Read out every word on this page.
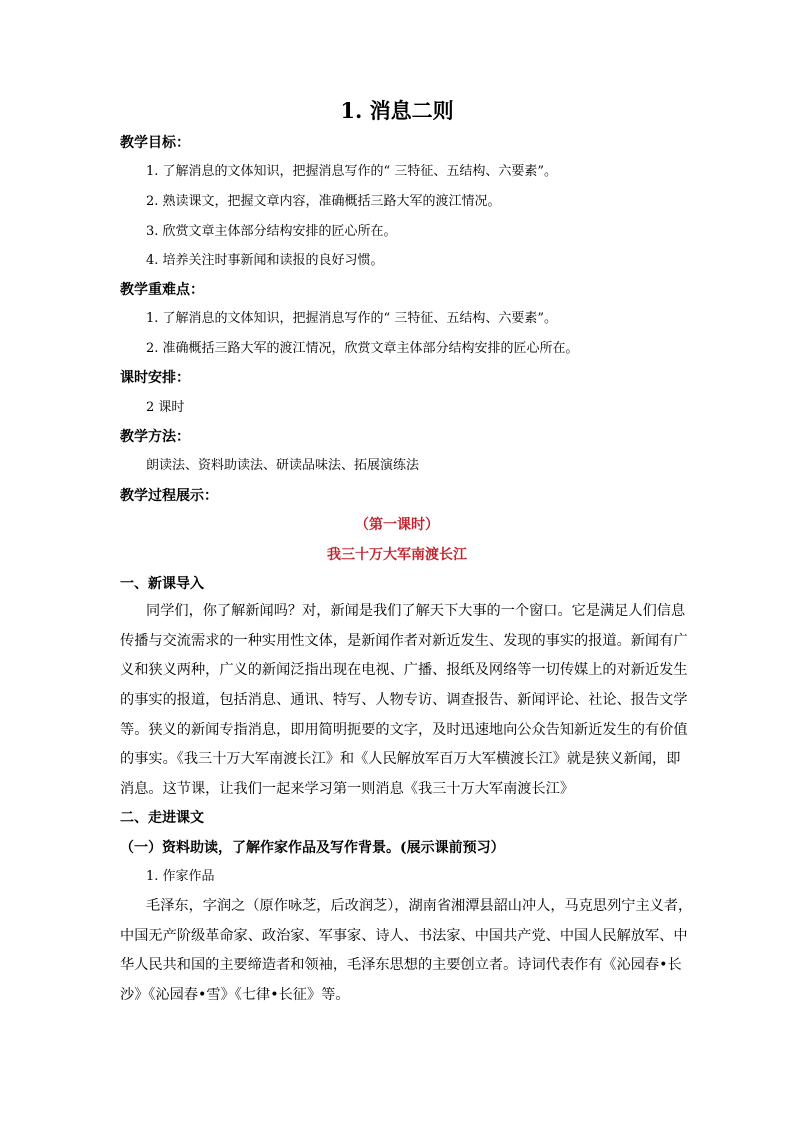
1. 消息二则
教学目标：
1. 了解消息的文体知识，把握消息写作的“ 三特征、五结构、六要素”。
2. 熟读课文，把握文章内容，准确概括三路大军的渡江情况。
3. 欣赏文章主体部分结构安排的匠心所在。
4. 培养关注时事新闻和读报的良好习惯。
教学重难点：
1. 了解消息的文体知识，把握消息写作的“ 三特征、五结构、六要素”。
2. 准确概括三路大军的渡江情况，欣赏文章主体部分结构安排的匠心所在。
课时安排：
2 课时
教学方法：
朗读法、资料助读法、研读品味法、拓展演练法
教学过程展示：
（第一课时）
我三十万大军南渡长江
一、新课导入
同学们，你了解新闻吗？对，新闻是我们了解天下大事的一个窗口。它是满足人们信息
传播与交流需求的一种实用性文体，是新闻作者对新近发生、发现的事实的报道。新闻有广
义和狭义两种，广义的新闻泛指出现在电视、广播、报纸及网络等一切传媒上的对新近发生
的事实的报道，包括消息、通讯、特写、人物专访、调查报告、新闻评论、社论、报告文学
等。狭义的新闻专指消息，即用简明扼要的文字，及时迅速地向公众告知新近发生的有价值
的事实。《我三十万大军南渡长江》和《人民解放军百万大军横渡长江》就是狭义新闻，即
消息。这节课，让我们一起来学习第一则消息《我三十万大军南渡长江》
二、走进课文
（一）资料助读，了解作家作品及写作背景。(展示课前预习）
1. 作家作品
毛泽东，字润之（原作咏芝，后改润芝），湖南省湘潭县韶山冲人，马克思列宁主义者，
中国无产阶级革命家、政治家、军事家、诗人、书法家、中国共产党、中国人民解放军、中
华人民共和国的主要缔造者和领袖，毛泽东思想的主要创立者。诗词代表作有《沁园春•长
沙》《沁园春•雪》《七律•长征》等。
